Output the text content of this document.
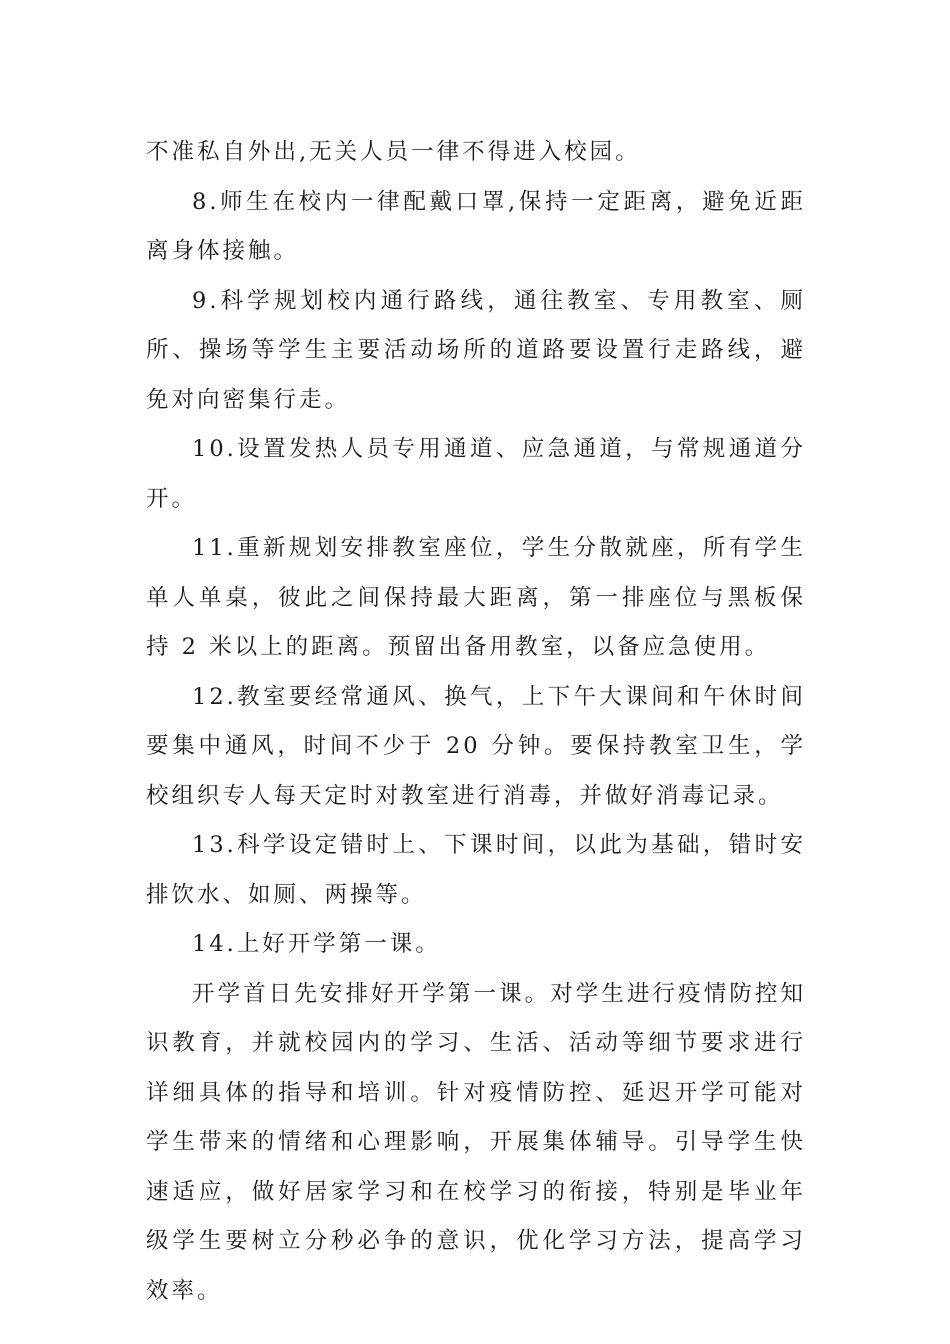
不准私自外出,无关人员一律不得进入校园。

8.师生在校内一律配戴口罩,保持一定距离，避免近距离身体接触。

9.科学规划校内通行路线，通往教室、专用教室、厕所、操场等学生主要活动场所的道路要设置行走路线，避免对向密集行走。

10.设置发热人员专用通道、应急通道，与常规通道分开。

11.重新规划安排教室座位，学生分散就座，所有学生单人单桌，彼此之间保持最大距离，第一排座位与黑板保持 2 米以上的距离。预留出备用教室，以备应急使用。

12.教室要经常通风、换气，上下午大课间和午休时间要集中通风，时间不少于 20 分钟。要保持教室卫生，学校组织专人每天定时对教室进行消毒，并做好消毒记录。

13.科学设定错时上、下课时间，以此为基础，错时安排饮水、如厕、两操等。

14.上好开学第一课。

开学首日先安排好开学第一课。对学生进行疫情防控知识教育，并就校园内的学习、生活、活动等细节要求进行详细具体的指导和培训。针对疫情防控、延迟开学可能对学生带来的情绪和心理影响，开展集体辅导。引导学生快速适应，做好居家学习和在校学习的衔接，特别是毕业年级学生要树立分秒必争的意识，优化学习方法，提高学习效率。
